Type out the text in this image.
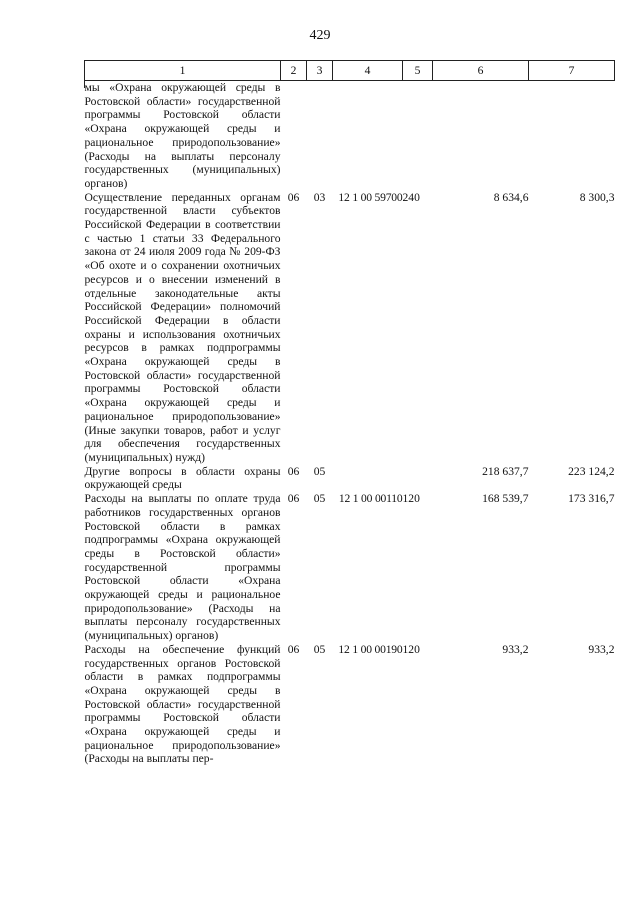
429
1	2	3	4	5	6	7
мы «Охрана окружающей среды в Ростовской области» государственной программы Ростовской области «Охрана окружающей среды и рациональное природопользование» (Расходы на выплаты персоналу государственных (муниципальных) органов)						
Осуществление переданных органам государственной власти субъектов Российской Федерации в соответствии с частью 1 статьи 33 Федерального закона от 24 июля 2009 года № 209-ФЗ «Об охоте и о сохранении охотничьих ресурсов и о внесении изменений в отдельные законодательные акты Российской Федерации» полномочий Российской Федерации в области охраны и использования охотничьих ресурсов в рамках подпрограммы «Охрана окружающей среды в Ростовской области» государственной программы Ростовской области «Охрана окружающей среды и рациональное природопользование» (Иные закупки товаров, работ и услуг для обеспечения государственных (муниципальных) нужд)	06	03	12 1 00 59700	240	8 634,6	8 300,3
Другие вопросы в области охраны окружающей среды	06	05			218 637,7	223 124,2
Расходы на выплаты по оплате труда работников государственных органов Ростовской области в рамках подпрограммы «Охрана окружающей среды в Ростовской области» государственной программы Ростовской области «Охрана окружающей среды и рациональное природопользование» (Расходы на выплаты персоналу государственных (муниципальных) органов)	06	05	12 1 00 00110	120	168 539,7	173 316,7
Расходы на обеспечение функций государственных органов Ростовской области в рамках подпрограммы «Охрана окружающей среды в Ростовской области» государственной программы Ростовской области «Охрана окружающей среды и рациональное природопользование» (Расходы на выплаты пер-	06	05	12 1 00 00190	120	933,2	933,2
